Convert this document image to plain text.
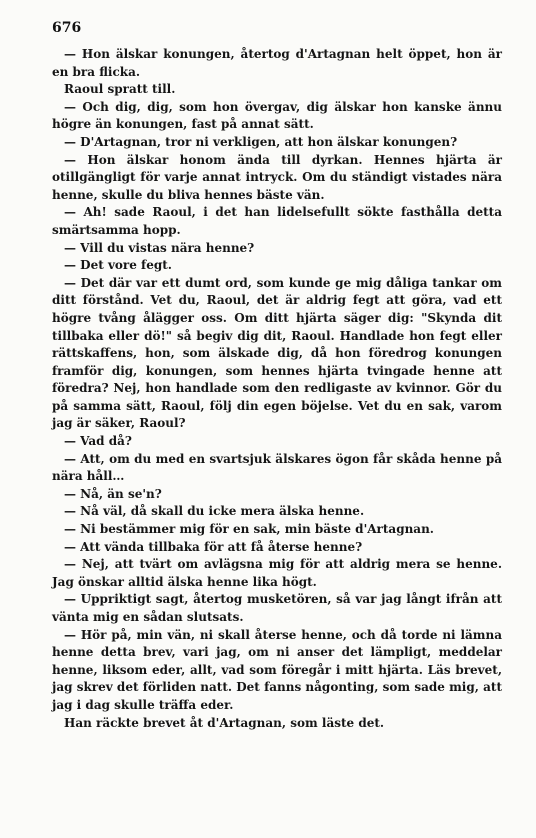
676

— Hon älskar konungen, återtog d'Artagnan helt öppet, hon är en bra flicka.

Raoul spratt till.

— Och dig, dig, som hon övergav, dig älskar hon kanske ännu högre än konungen, fast på annat sätt.

— D'Artagnan, tror ni verkligen, att hon älskar konungen?

— Hon älskar honom ända till dyrkan. Hennes hjärta är otillgängligt för varje annat intryck. Om du ständigt vistades nära henne, skulle du bliva hennes bäste vän.

— Ah! sade Raoul, i det han lidelsefullt sökte fasthålla detta smärtsamma hopp.

— Vill du vistas nära henne?

— Det vore fegt.

— Det där var ett dumt ord, som kunde ge mig dåliga tankar om ditt förstånd. Vet du, Raoul, det är aldrig fegt att göra, vad ett högre tvång ålägger oss. Om ditt hjärta säger dig: "Skynda dit tillbaka eller dö!" så begiv dig dit, Raoul. Handlade hon fegt eller rättskaffens, hon, som älskade dig, då hon föredrog konungen framför dig, konungen, som hennes hjärta tvingade henne att föredra? Nej, hon handlade som den redligaste av kvinnor. Gör du på samma sätt, Raoul, följ din egen böjelse. Vet du en sak, varom jag är säker, Raoul?

— Vad då?

— Att, om du med en svartsjuk älskares ögon får skåda henne på nära håll…

— Nå, än se'n?

— Nå väl, då skall du icke mera älska henne.

— Ni bestämmer mig för en sak, min bäste d'Artagnan.

— Att vända tillbaka för att få återse henne?

— Nej, att tvärt om avlägsna mig för att aldrig mera se henne. Jag önskar alltid älska henne lika högt.

— Uppriktigt sagt, återtog musketören, så var jag långt ifrån att vänta mig en sådan slutsats.

— Hör på, min vän, ni skall återse henne, och då torde ni lämna henne detta brev, vari jag, om ni anser det lämpligt, meddelar henne, liksom eder, allt, vad som föregår i mitt hjärta. Läs brevet, jag skrev det förliden natt. Det fanns någonting, som sade mig, att jag i dag skulle träffa eder.

Han räckte brevet åt d'Artagnan, som läste det.
